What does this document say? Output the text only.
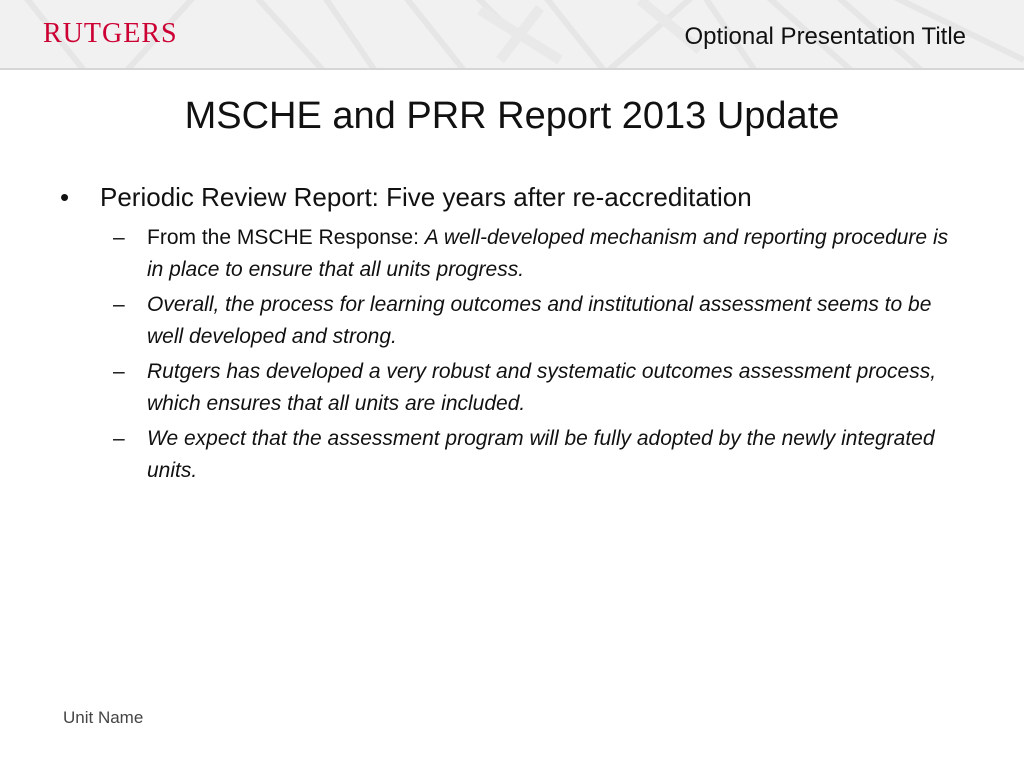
RUTGERS	Optional Presentation Title
MSCHE and PRR Report 2013 Update
• Periodic Review Report: Five years after re-accreditation
– From the MSCHE Response: A well-developed mechanism and reporting procedure is in place to ensure that all units progress.
– Overall, the process for learning outcomes and institutional assessment seems to be well developed and strong.
– Rutgers has developed a very robust and systematic outcomes assessment process, which ensures that all units are included.
– We expect that the assessment program will be fully adopted by the newly integrated units.
Unit Name
